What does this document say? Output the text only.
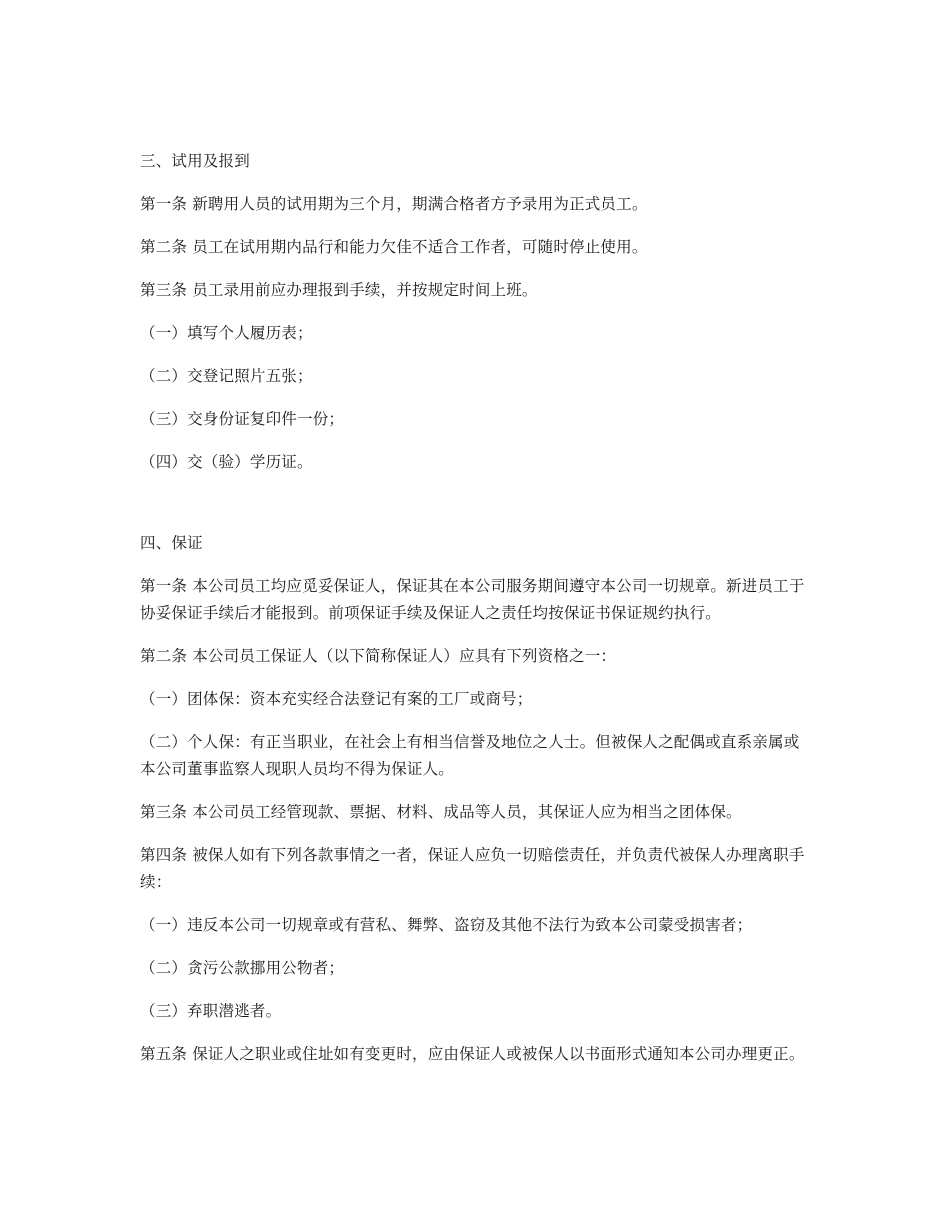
三、试用及报到

第一条 新聘用人员的试用期为三个月，期满合格者方予录用为正式员工。

第二条 员工在试用期内品行和能力欠佳不适合工作者，可随时停止使用。

第三条 员工录用前应办理报到手续，并按规定时间上班。

（一）填写个人履历表；

（二）交登记照片五张；

（三）交身份证复印件一份；

（四）交（验）学历证。

四、保证

第一条 本公司员工均应觅妥保证人，保证其在本公司服务期间遵守本公司一切规章。新进员工于协妥保证手续后才能报到。前项保证手续及保证人之责任均按保证书保证规约执行。

第二条 本公司员工保证人（以下简称保证人）应具有下列资格之一：

（一）团体保：资本充实经合法登记有案的工厂或商号；

（二）个人保：有正当职业，在社会上有相当信誉及地位之人士。但被保人之配偶或直系亲属或本公司董事监察人现职人员均不得为保证人。

第三条 本公司员工经管现款、票据、材料、成品等人员，其保证人应为相当之团体保。

第四条 被保人如有下列各款事情之一者，保证人应负一切赔偿责任，并负责代被保人办理离职手续：

（一）违反本公司一切规章或有营私、舞弊、盗窃及其他不法行为致本公司蒙受损害者；

（二）贪污公款挪用公物者；

（三）弃职潜逃者。

第五条 保证人之职业或住址如有变更时，应由保证人或被保人以书面形式通知本公司办理更正。
